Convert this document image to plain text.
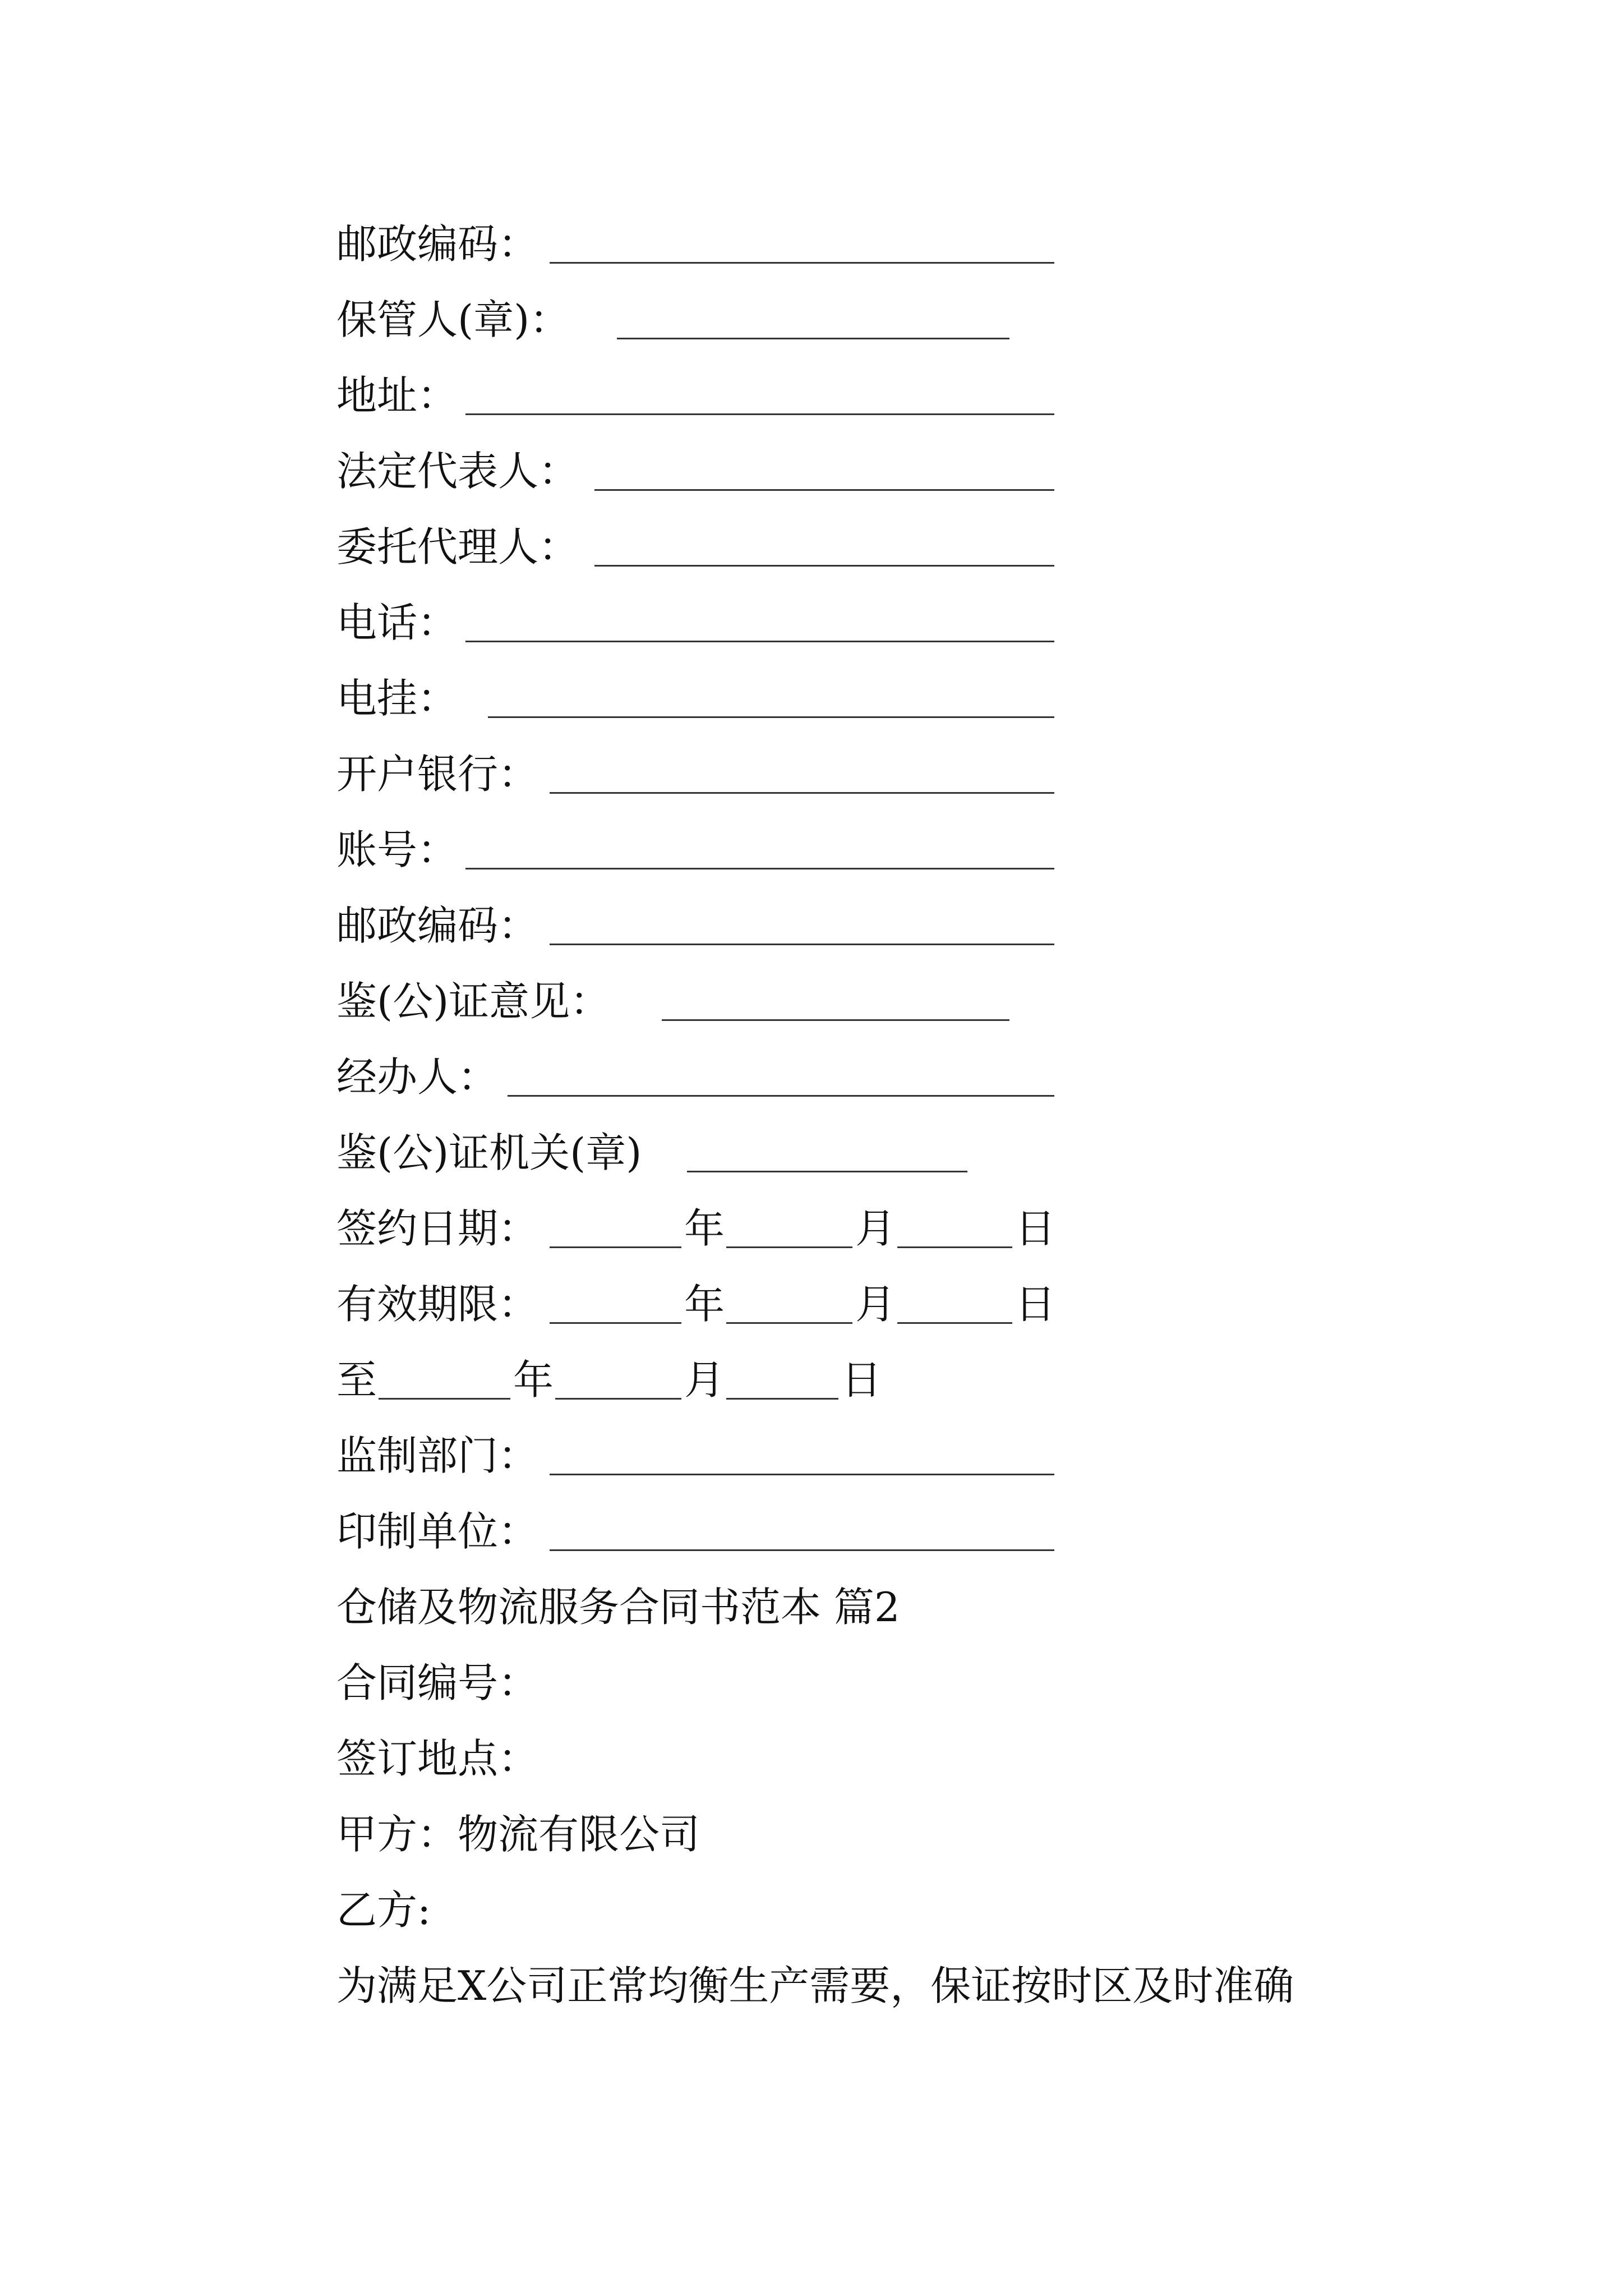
邮政编码：
保管人(章)：
地址：
法定代表人：
委托代理人：
电话：
电挂：
开户银行：
账号：
邮政编码：
鉴(公)证意见：
经办人：
鉴(公)证机关(章)
签约日期：	年	月	日
有效期限：	年	月	日
至	年	月	日
监制部门：
印制单位：
仓储及物流服务合同书范本 篇2
合同编号：
签订地点：
甲方：物流有限公司
乙方:
为满足X公司正常均衡生产需要，保证按时区及时准确
